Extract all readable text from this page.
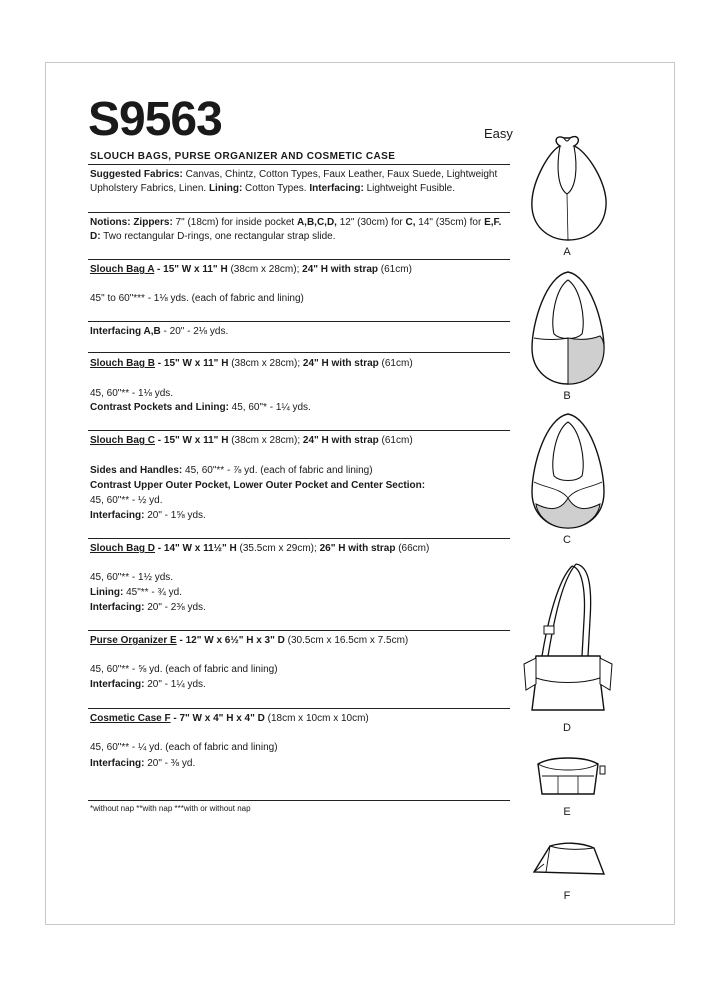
S9563	Easy
SLOUCH BAGS, PURSE ORGANIZER AND COSMETIC CASE
Suggested Fabrics: Canvas, Chintz, Cotton Types, Faux Leather, Faux Suede, Lightweight
Upholstery Fabrics, Linen. Lining: Cotton Types. Interfacing: Lightweight Fusible.
Notions: Zippers: 7" (18cm) for inside pocket A,B,C,D, 12" (30cm) for C, 14" (35cm) for E,F.
D: Two rectangular D-rings, one rectangular strap slide.
Slouch Bag A - 15" W x 11" H (38cm x 28cm); 24" H with strap (61cm)
45" to 60"*** - 1⅛ yds. (each of fabric and lining)
Interfacing A,B - 20" - 2⅛ yds.
Slouch Bag B - 15" W x 11" H (38cm x 28cm); 24" H with strap (61cm)
45, 60"** - 1⅛ yds.
Contrast Pockets and Lining: 45, 60"* - 1¼ yds.
Slouch Bag C - 15" W x 11" H (38cm x 28cm); 24" H with strap (61cm)
Sides and Handles: 45, 60"** - ⅞ yd. (each of fabric and lining)
Contrast Upper Outer Pocket, Lower Outer Pocket and Center Section:
45, 60"** - ½ yd.
Interfacing: 20" - 1⅝ yds.
Slouch Bag D - 14" W x 11½" H (35.5cm x 29cm); 26" H with strap (66cm)
45, 60"** - 1½ yds.
Lining: 45"** - ¾ yd.
Interfacing: 20" - 2⅜ yds.
Purse Organizer E - 12" W x 6½" H x 3" D (30.5cm x 16.5cm x 7.5cm)
45, 60"** - ⅝ yd. (each of fabric and lining)
Interfacing: 20" - 1¼ yds.
Cosmetic Case F - 7" W x 4" H x 4" D (18cm x 10cm x 10cm)
45, 60"** - ¼ yd. (each of fabric and lining)
Interfacing: 20" - ⅜ yd.
*without nap **with nap ***with or without nap
A
B
C
D
E
F
